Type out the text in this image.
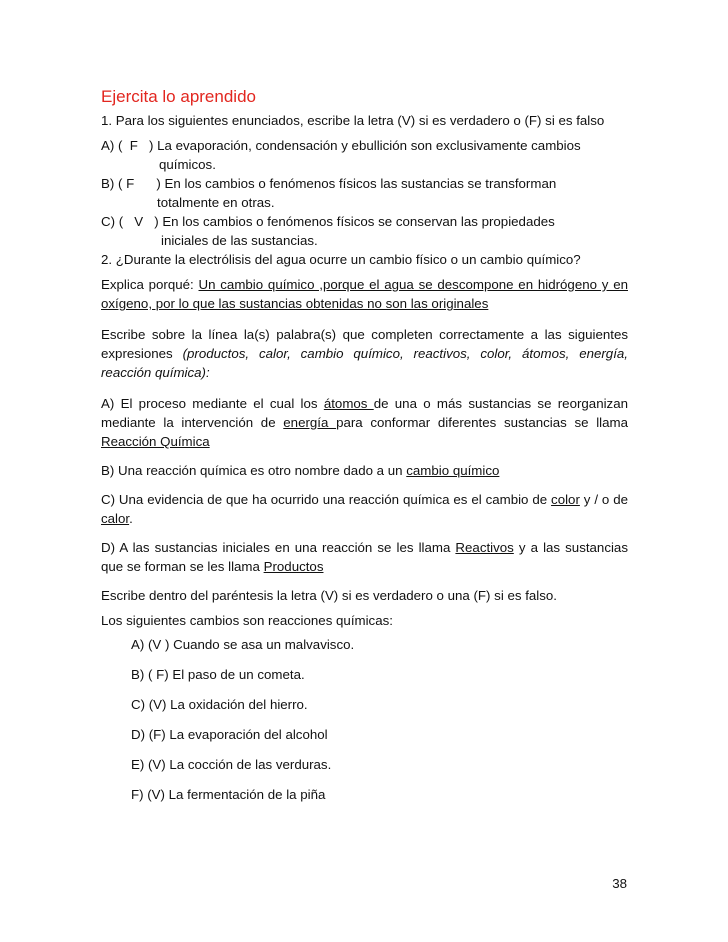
Ejercita lo aprendido

1. Para los siguientes enunciados, escribe la letra (V) si es verdadero o (F) si es falso

A) (  F   ) La evaporación, condensación y ebullición son exclusivamente cambios

químicos.

B) ( F      ) En los cambios o fenómenos físicos las sustancias se transforman

totalmente en otras.

C) (   V   ) En los cambios o fenómenos físicos se conservan las propiedades

iniciales de las sustancias.

2. ¿Durante la electrólisis del agua ocurre un cambio físico o un cambio químico?

Explica porqué: Un cambio químico ,porque el agua se descompone en hidrógeno y en oxígeno, por lo que las sustancias obtenidas no son las originales

Escribe sobre la línea la(s) palabra(s) que completen correctamente a las siguientes expresiones (productos, calor, cambio químico, reactivos, color, átomos, energía, reacción química):

A) El proceso mediante el cual los átomos de una o más sustancias se reorganizan mediante la intervención de energía para conformar diferentes sustancias se llama Reacción Química

B) Una reacción química es otro nombre dado a un cambio químico

C) Una evidencia de que ha ocurrido una reacción química es el cambio de color y / o de calor.

D) A las sustancias iniciales en una reacción se les llama Reactivos y a las sustancias que se forman se les llama Productos

Escribe dentro del paréntesis la letra (V) si es verdadero o una (F) si es falso.

Los siguientes cambios son reacciones químicas:

A) (V ) Cuando se asa un malvavisco.

B) ( F) El paso de un cometa.

C) (V) La oxidación del hierro.

D) (F) La evaporación del alcohol

E) (V) La cocción de las verduras.

F) (V) La fermentación de la piña

38
